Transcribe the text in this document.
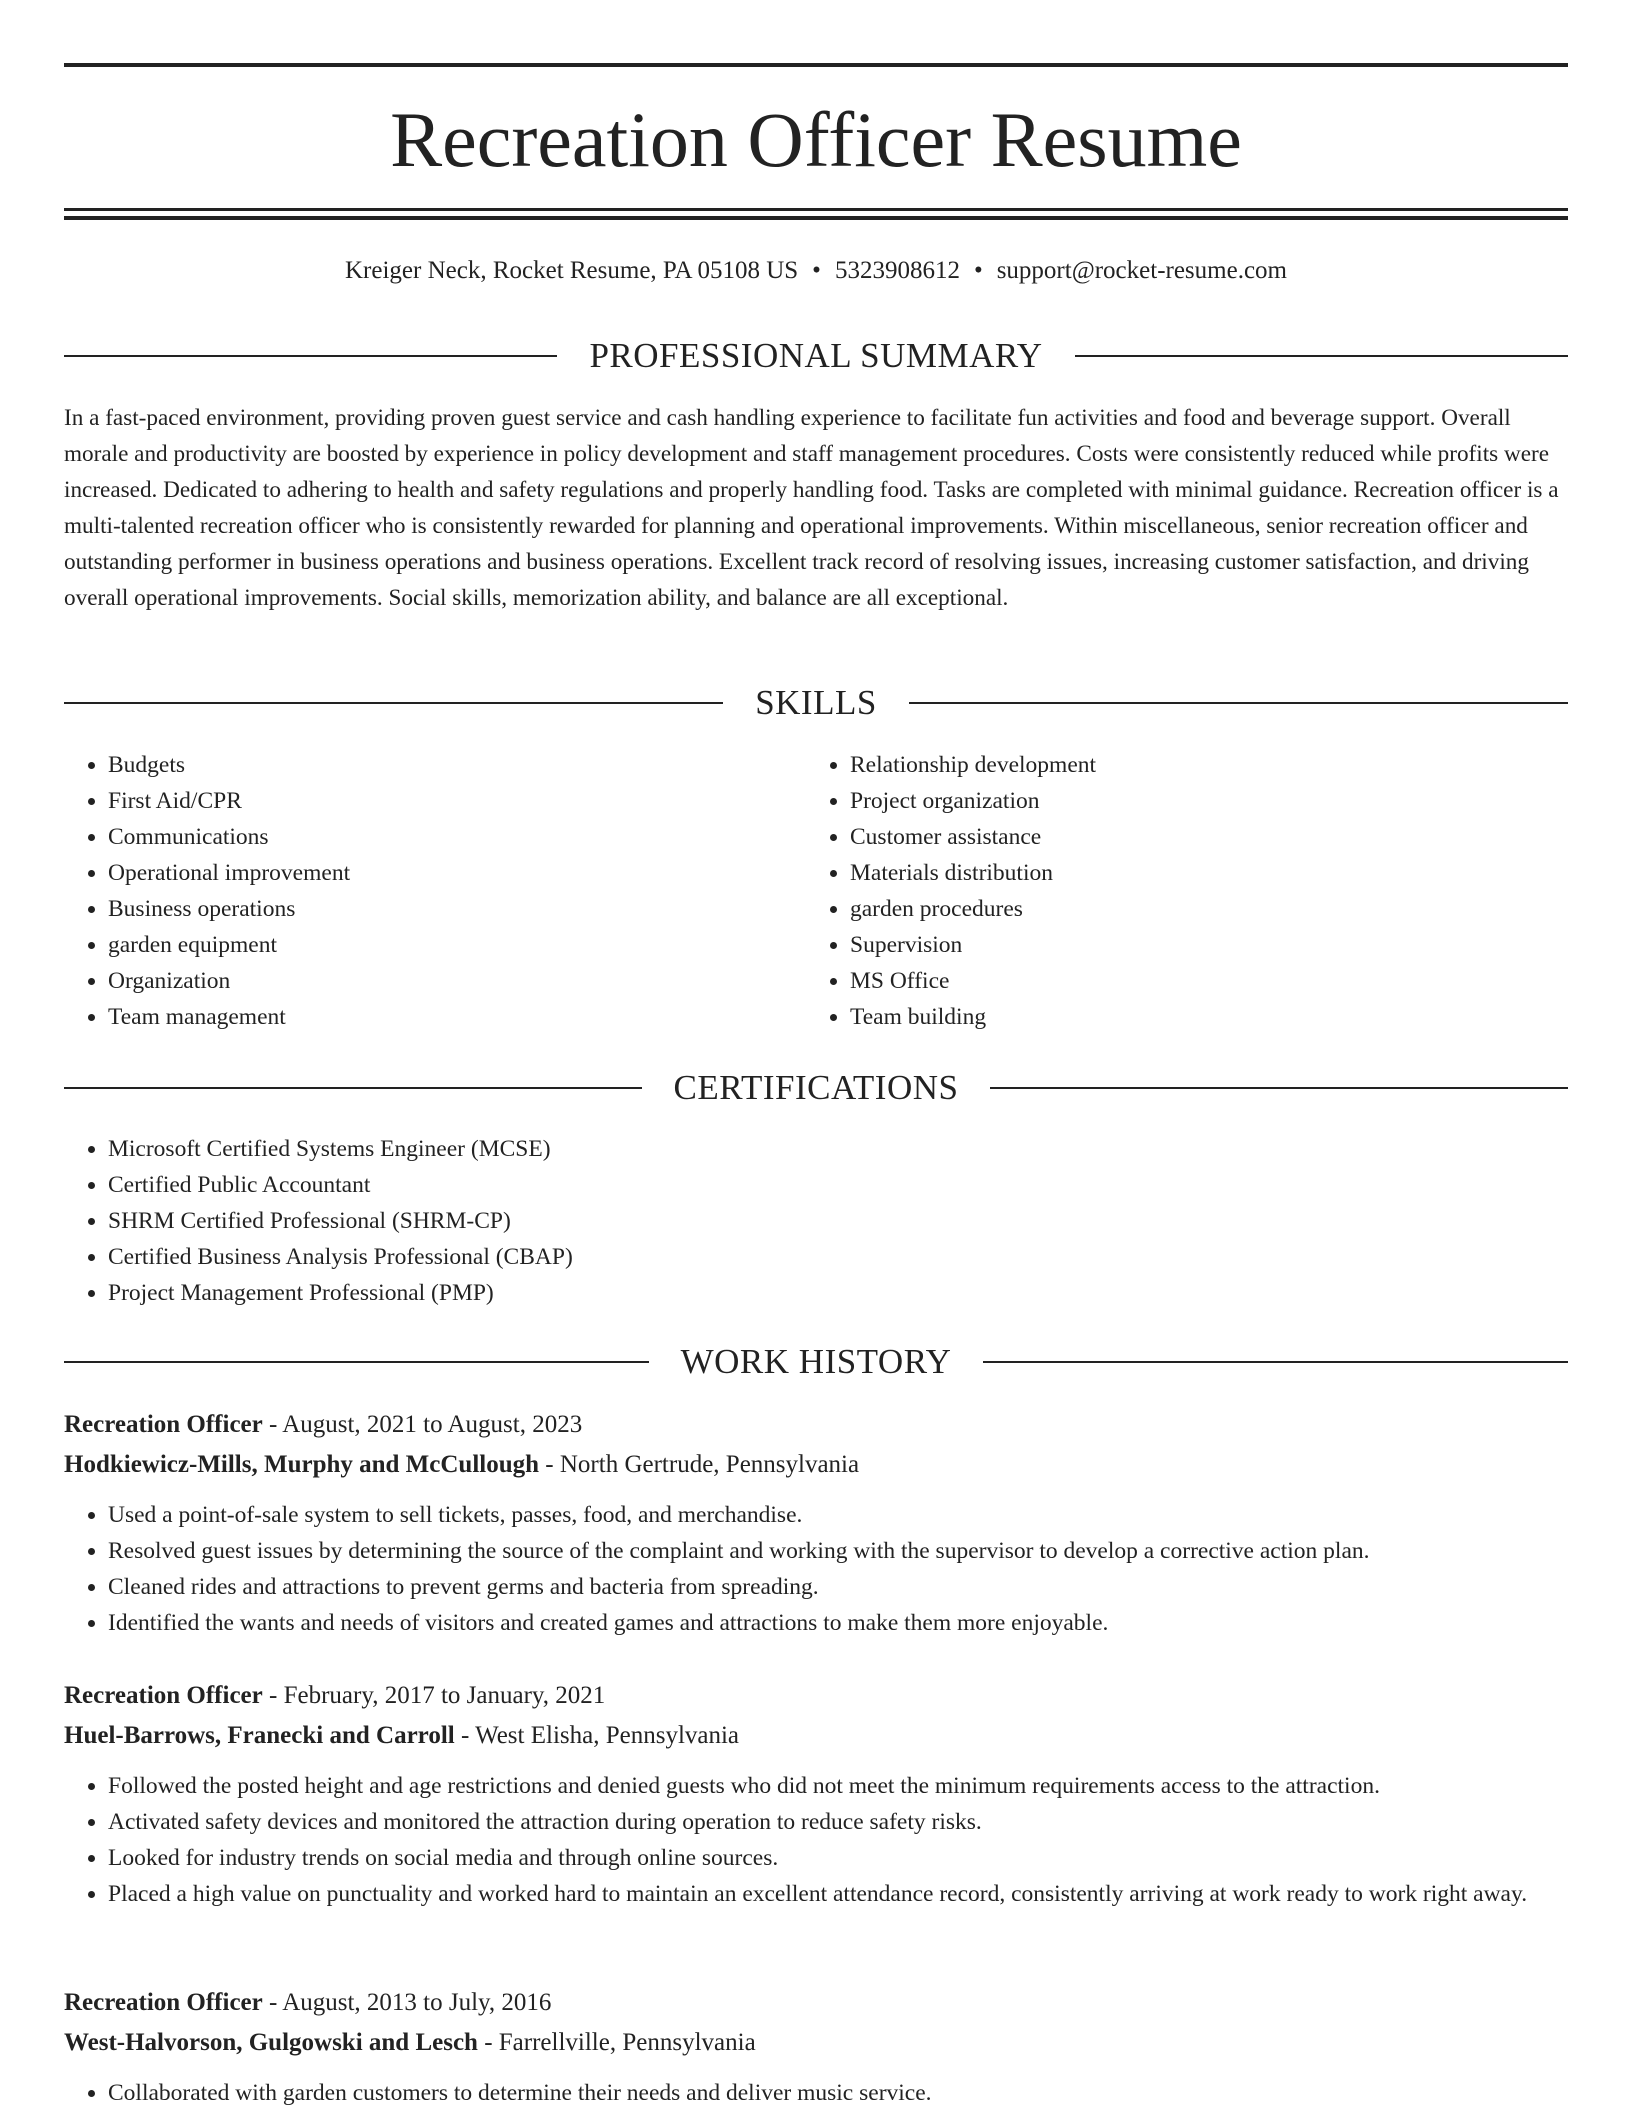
Recreation Officer Resume
Kreiger Neck, Rocket Resume, PA 05108 US • 5323908612 • support@rocket-resume.com
PROFESSIONAL SUMMARY

In a fast-paced environment, providing proven guest service and cash handling experience to facilitate fun activities and food and beverage support. Overall morale and productivity are boosted by experience in policy development and staff management procedures. Costs were consistently reduced while profits were increased. Dedicated to adhering to health and safety regulations and properly handling food. Tasks are completed with minimal guidance. Recreation officer is a multi-talented recreation officer who is consistently rewarded for planning and operational improvements. Within miscellaneous, senior recreation officer and outstanding performer in business operations and business operations. Excellent track record of resolving issues, increasing customer satisfaction, and driving overall operational improvements. Social skills, memorization ability, and balance are all exceptional.

SKILLS
• Budgets
• First Aid/CPR
• Communications
• Operational improvement
• Business operations
• garden equipment
• Organization
• Team management
• Relationship development
• Project organization
• Customer assistance
• Materials distribution
• garden procedures
• Supervision
• MS Office
• Team building
CERTIFICATIONS
• Microsoft Certified Systems Engineer (MCSE)
• Certified Public Accountant
• SHRM Certified Professional (SHRM-CP)
• Certified Business Analysis Professional (CBAP)
• Project Management Professional (PMP)
WORK HISTORY
Recreation Officer - August, 2021 to August, 2023
Hodkiewicz-Mills, Murphy and McCullough - North Gertrude, Pennsylvania
• Used a point-of-sale system to sell tickets, passes, food, and merchandise.
• Resolved guest issues by determining the source of the complaint and working with the supervisor to develop a corrective action plan.
• Cleaned rides and attractions to prevent germs and bacteria from spreading.
• Identified the wants and needs of visitors and created games and attractions to make them more enjoyable.
Recreation Officer - February, 2017 to January, 2021
Huel-Barrows, Franecki and Carroll - West Elisha, Pennsylvania
• Followed the posted height and age restrictions and denied guests who did not meet the minimum requirements access to the attraction.
• Activated safety devices and monitored the attraction during operation to reduce safety risks.
• Looked for industry trends on social media and through online sources.
• Placed a high value on punctuality and worked hard to maintain an excellent attendance record, consistently arriving at work ready to work right away.
Recreation Officer - August, 2013 to July, 2016
West-Halvorson, Gulgowski and Lesch - Farrellville, Pennsylvania
• Collaborated with garden customers to determine their needs and deliver music service.
